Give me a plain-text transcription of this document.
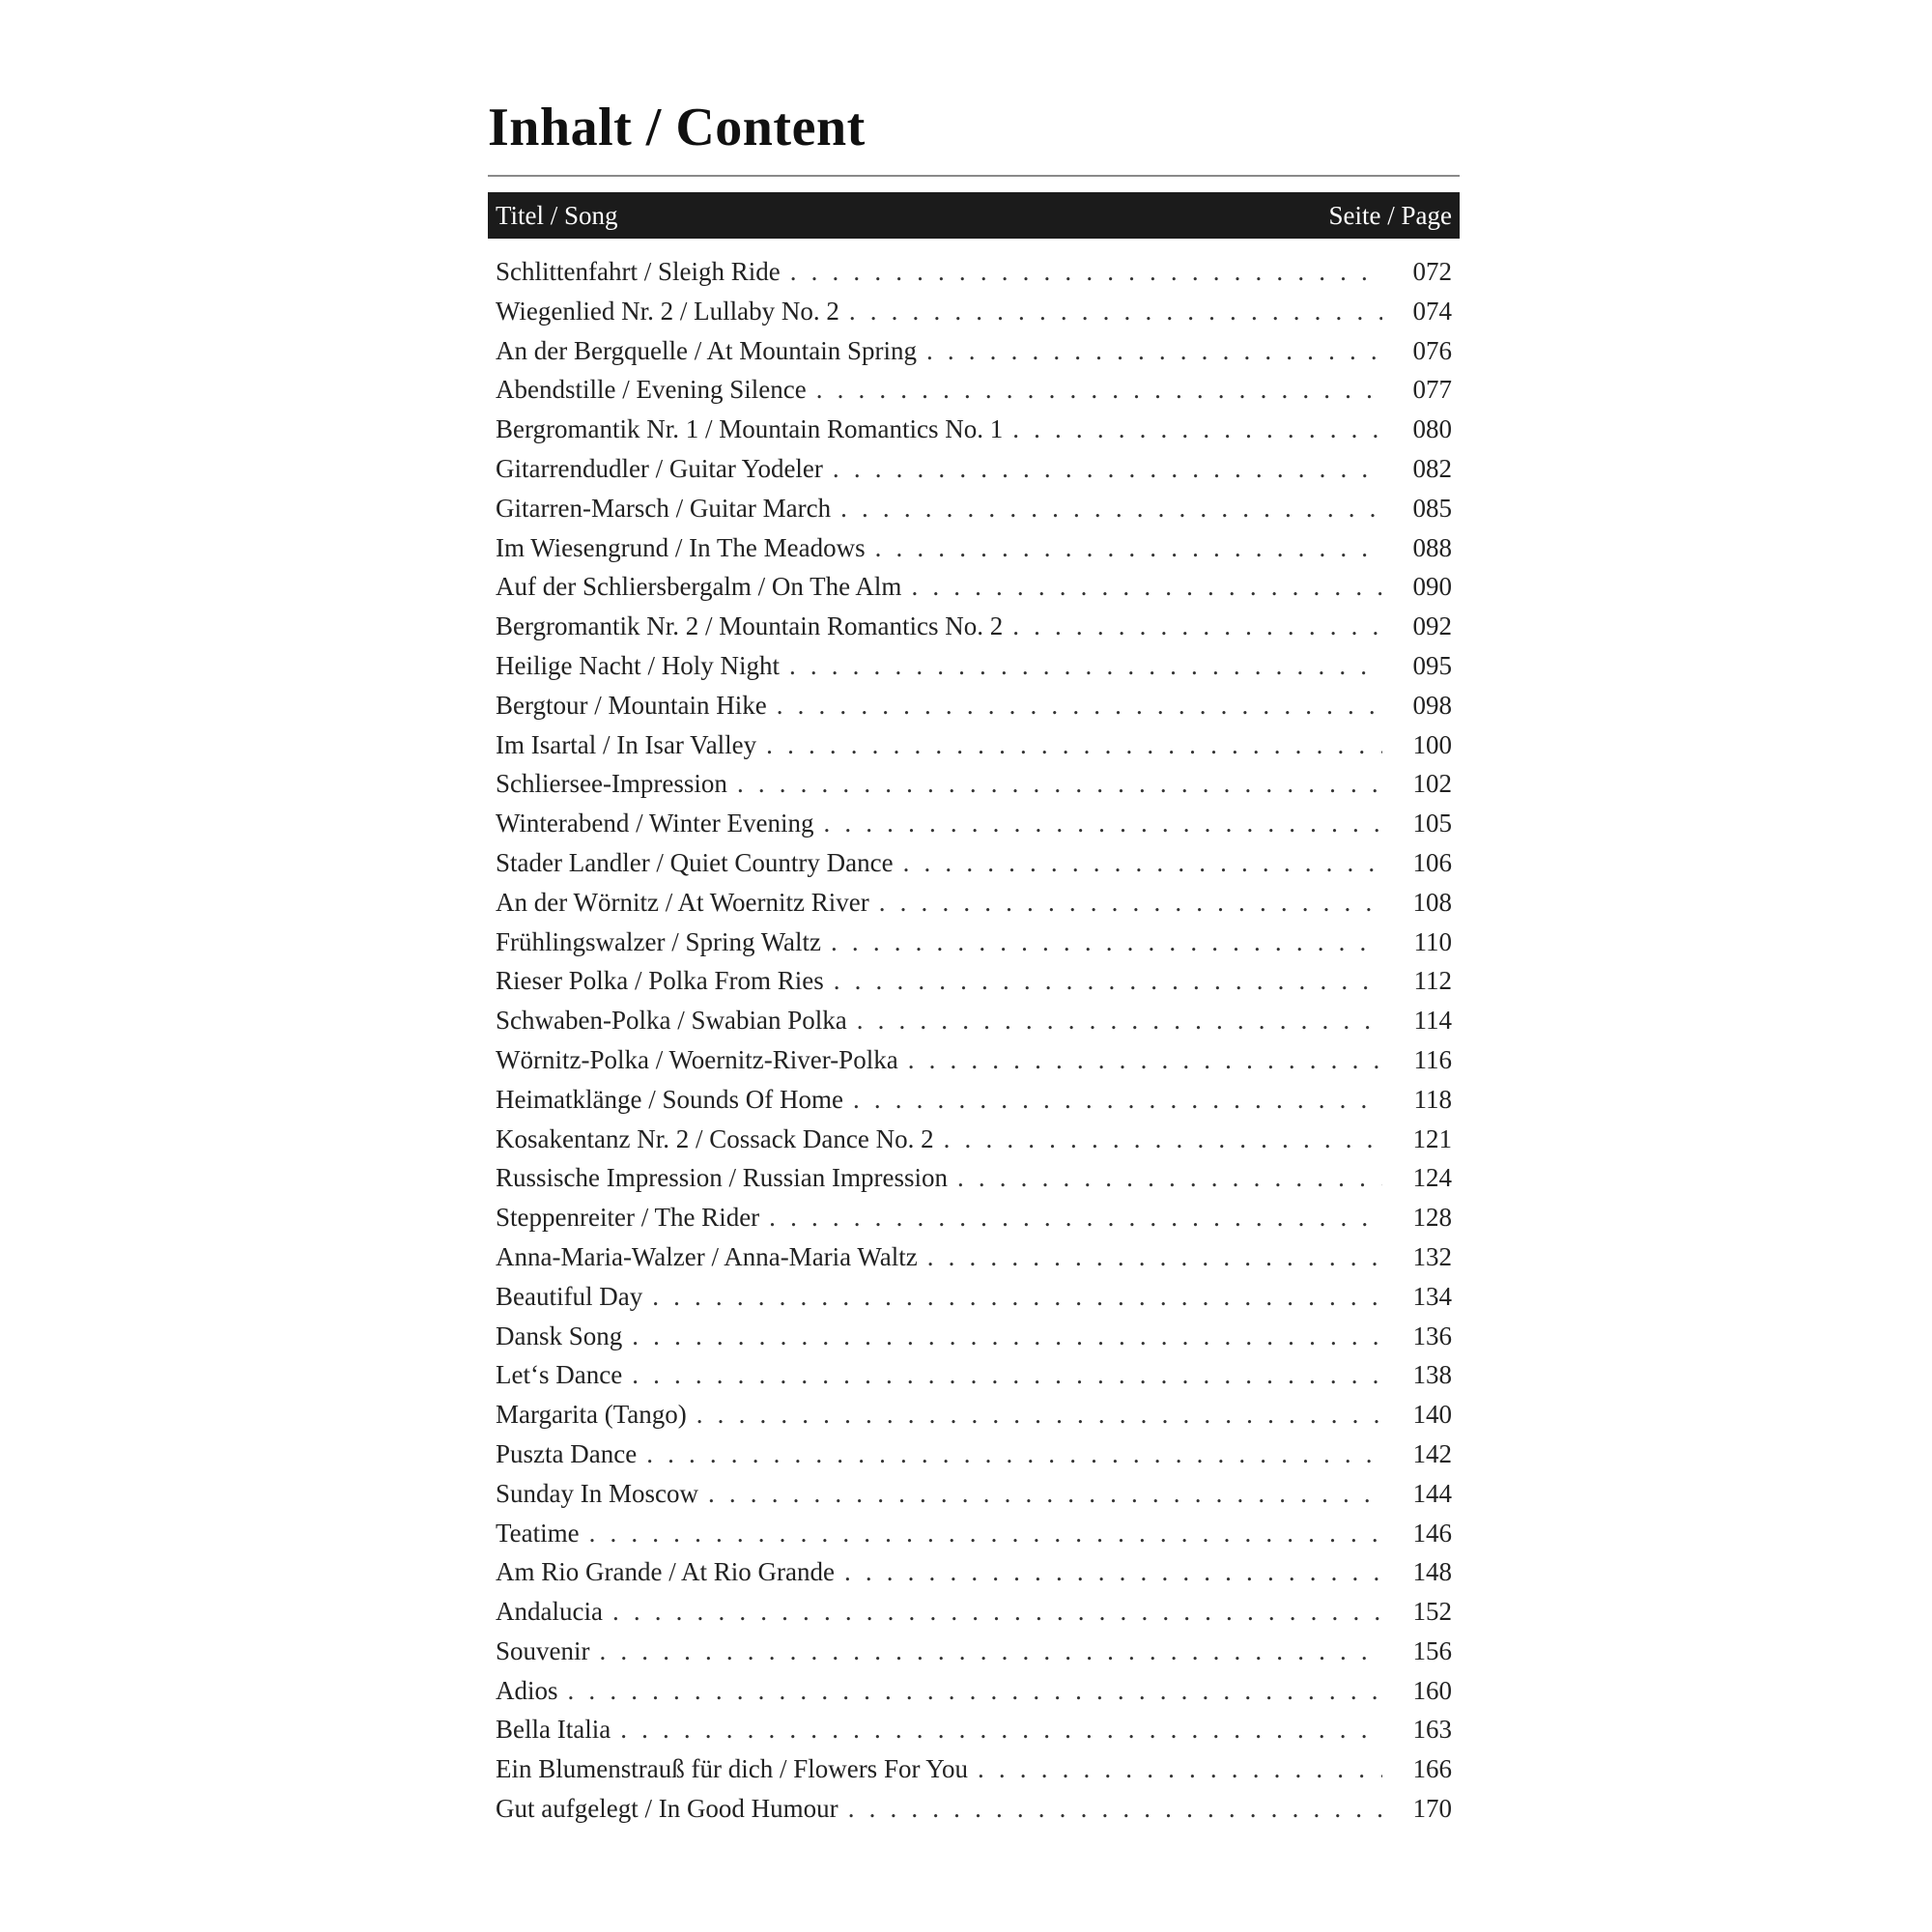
Inhalt / Content
Titel / Song	Seite / Page
Schlittenfahrt / Sleigh Ride . . .	072
Wiegenlied Nr. 2 / Lullaby No. 2 . . .	074
An der Bergquelle / At Mountain Spring . . .	076
Abendstille / Evening Silence . . .	077
Bergromantik Nr. 1 / Mountain Romantics No. 1 . . .	080
Gitarrendudler / Guitar Yodeler . . .	082
Gitarren-Marsch / Guitar March . . .	085
Im Wiesengrund / In The Meadows . . .	088
Auf der Schliersbergalm / On The Alm . . .	090
Bergromantik Nr. 2 / Mountain Romantics No. 2 . . .	092
Heilige Nacht / Holy Night . . .	095
Bergtour / Mountain Hike . . .	098
Im Isartal / In Isar Valley . . .	100
Schliersee-Impression . . .	102
Winterabend / Winter Evening . . .	105
Stader Landler / Quiet Country Dance . . .	106
An der Wörnitz / At Woernitz River . . .	108
Frühlingswalzer / Spring Waltz . . .	110
Rieser Polka / Polka From Ries . . .	112
Schwaben-Polka / Swabian Polka . . .	114
Wörnitz-Polka / Woernitz-River-Polka . . .	116
Heimatklänge / Sounds Of Home . . .	118
Kosakentanz Nr. 2 / Cossack Dance No. 2 . . .	121
Russische Impression / Russian Impression . . .	124
Steppenreiter / The Rider . . .	128
Anna-Maria-Walzer / Anna-Maria Waltz . . .	132
Beautiful Day . . .	134
Dansk Song . . .	136
Let‘s Dance . . .	138
Margarita (Tango) . . .	140
Puszta Dance . . .	142
Sunday In Moscow . . .	144
Teatime . . .	146
Am Rio Grande / At Rio Grande . . .	148
Andalucia . . .	152
Souvenir . . .	156
Adios . . .	160
Bella Italia . . .	163
Ein Blumenstrauß für dich / Flowers For You . . .	166
Gut aufgelegt / In Good Humour . . .	170
